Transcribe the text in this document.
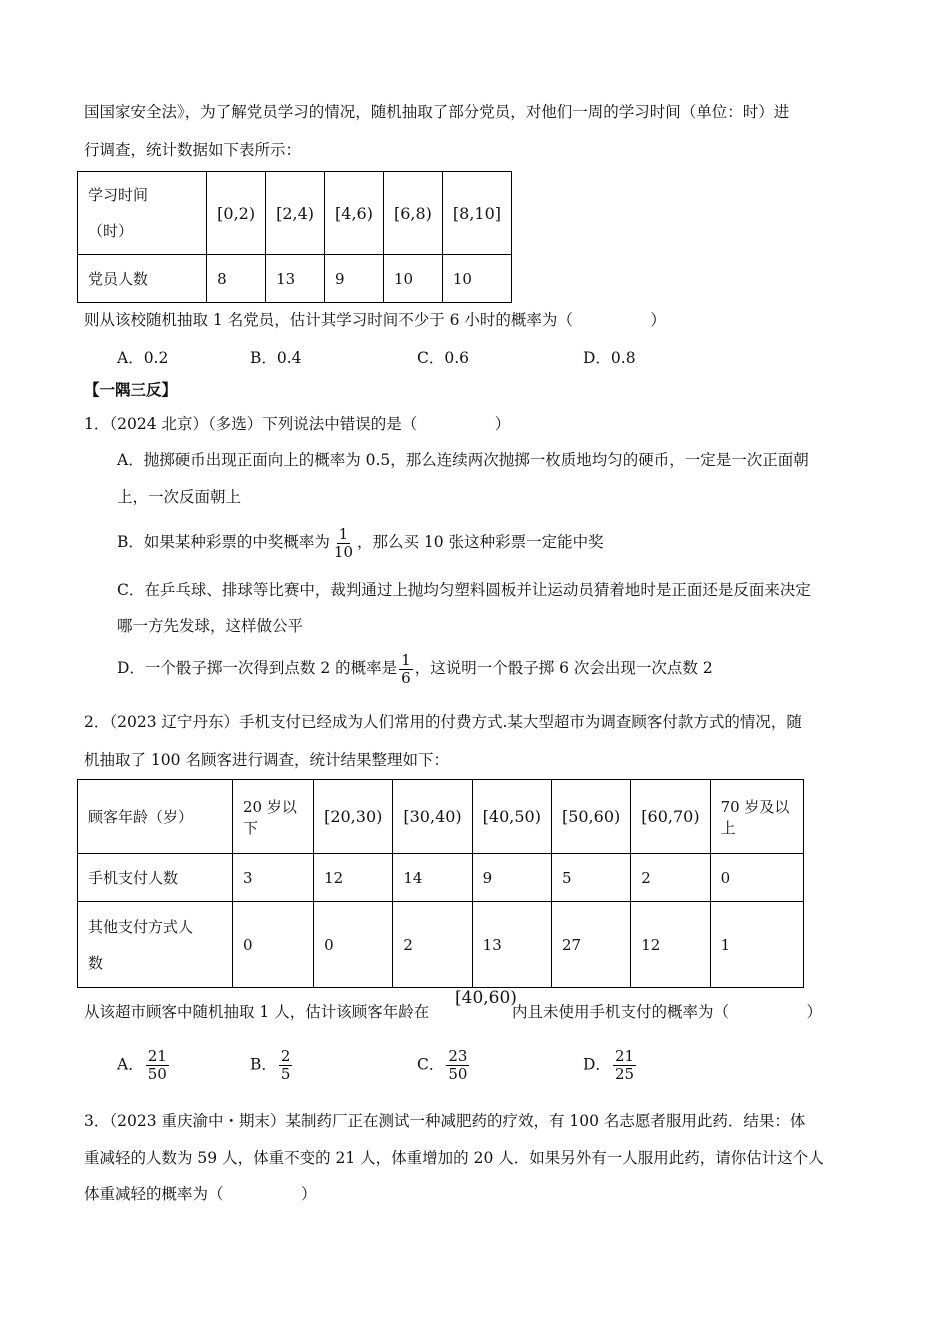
国国家安全法》，为了解党员学习的情况，随机抽取了部分党员，对他们一周的学习时间（单位：时）进
行调查，统计数据如下表所示：
学习时间
（时）	[0,2)	[2,4)	[4,6)	[6,8)	[8,10]
党员人数	8	13	9	10	10
则从该校随机抽取 1 名党员，估计其学习时间不少于 6 小时的概率为（　　　　　）
A．0.2	B．0.4	C．0.6	D．0.8
【一隅三反】
1．（2024 北京）（多选）下列说法中错误的是（　　　　　）
A．抛掷硬币出现正面向上的概率为 0.5，那么连续两次抛掷一枚质地均匀的硬币，一定是一次正面朝
上，一次反面朝上
B．如果某种彩票的中奖概率为 $\frac{1}{10}$ ，那么买 10 张这种彩票一定能中奖
C．在乒乓球、排球等比赛中，裁判通过上抛均匀塑料圆板并让运动员猜着地时是正面还是反面来决定
哪一方先发球，这样做公平
D．一个骰子掷一次得到点数 2 的概率是 $\frac{1}{6}$ ，这说明一个骰子掷 6 次会出现一次点数 2
2．（2023 辽宁丹东）手机支付已经成为人们常用的付费方式.某大型超市为调查顾客付款方式的情况，随
机抽取了 100 名顾客进行调查，统计结果整理如下：
顾客年龄（岁）	20 岁以下	[20,30)	[30,40)	[40,50)	[50,60)	[60,70)	70 岁及以上
手机支付人数	3	12	14	9	5	2	0
其他支付方式人
数	0	0	2	13	27	12	1
从该超市顾客中随机抽取 1 人，估计该顾客年龄在
[40,60)
内且未使用手机支付的概率为（　　　　　）
A． $\frac{21}{50}$	B． $\frac{2}{5}$	C． $\frac{23}{50}$	D． $\frac{21}{25}$
3．（2023 重庆渝中・期末）某制药厂正在测试一种减肥药的疗效，有 100 名志愿者服用此药．结果：体
重减轻的人数为 59 人，体重不变的 21 人，体重增加的 20 人．如果另外有一人服用此药，请你估计这个人
体重减轻的概率为（　　　　　）
